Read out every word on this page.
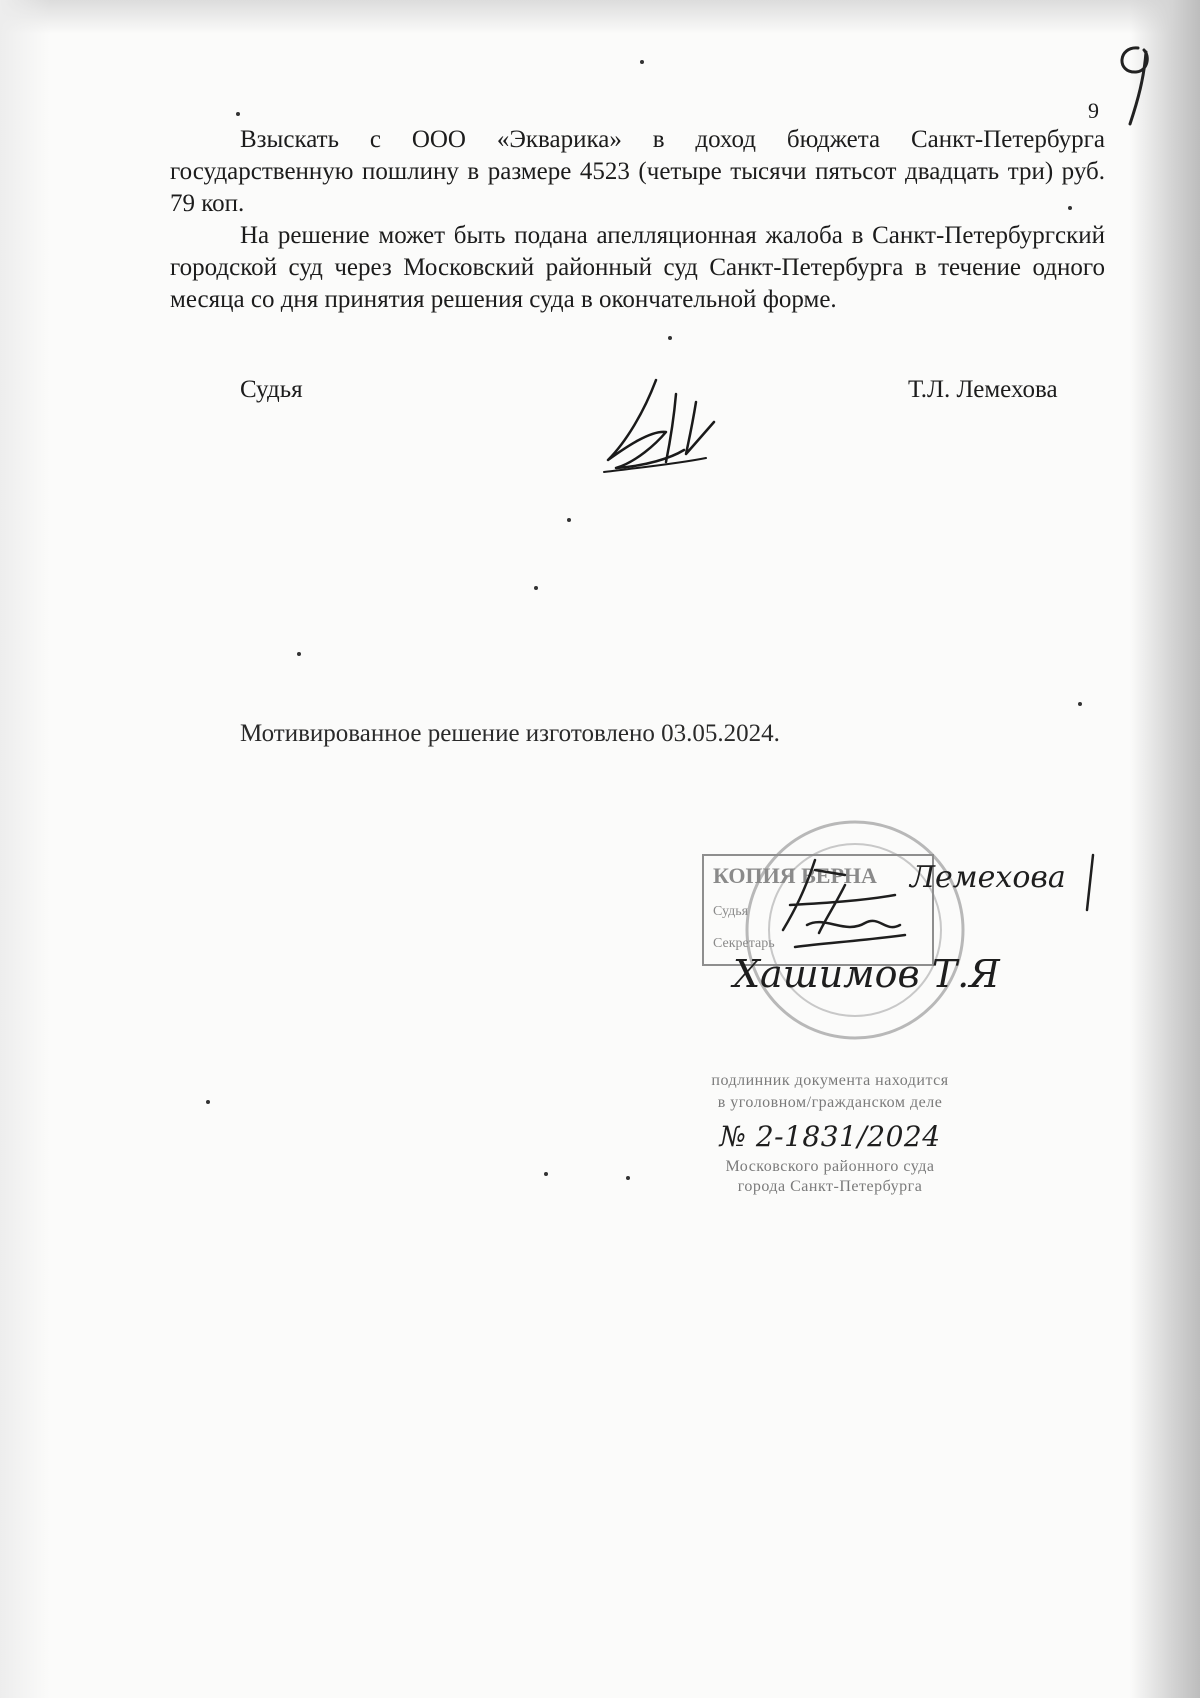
9

Взыскать с ООО «Экварика» в доход бюджета Санкт-Петербурга государственную пошлину в размере 4523 (четыре тысячи пятьсот двадцать три) руб. 79 коп.

На решение может быть подана апелляционная жалоба в Санкт-Петербургский городской суд через Московский районный суд Санкт-Петербурга в течение одного месяца со дня принятия решения суда в окончательной форме.

Судья	Т.Л. Лемехова
Мотивированное решение изготовлено 03.05.2024.
КОПИЯ ВЕРНА
Судья
Секретарь
Лемехова
Хашимов Т.Я
подлинник документа находится
в уголовном/гражданском деле
№ 2-1831/2024
Московского районного суда
города Санкт-Петербурга
